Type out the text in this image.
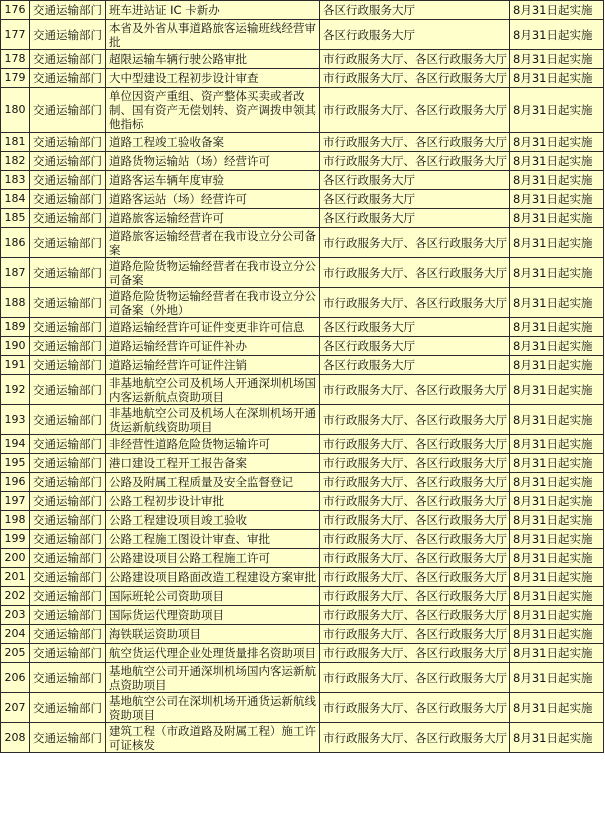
176	交通运输部门	班车进站证 IC 卡新办	各区行政服务大厅	8月31日起实施
177	交通运输部门	本省及外省从事道路旅客运输班线经营审批	各区行政服务大厅	8月31日起实施
178	交通运输部门	超限运输车辆行驶公路审批	市行政服务大厅、各区行政服务大厅	8月31日起实施
179	交通运输部门	大中型建设工程初步设计审查	市行政服务大厅、各区行政服务大厅	8月31日起实施
180	交通运输部门	单位因资产重组、资产整体买卖或者改制、国有资产无偿划转、资产调拨申领其他指标	市行政服务大厅、各区行政服务大厅	8月31日起实施
181	交通运输部门	道路工程竣工验收备案	市行政服务大厅、各区行政服务大厅	8月31日起实施
182	交通运输部门	道路货物运输站（场）经营许可	市行政服务大厅、各区行政服务大厅	8月31日起实施
183	交通运输部门	道路客运车辆年度审验	各区行政服务大厅	8月31日起实施
184	交通运输部门	道路客运站（场）经营许可	各区行政服务大厅	8月31日起实施
185	交通运输部门	道路旅客运输经营许可	各区行政服务大厅	8月31日起实施
186	交通运输部门	道路旅客运输经营者在我市设立分公司备案	市行政服务大厅、各区行政服务大厅	8月31日起实施
187	交通运输部门	道路危险货物运输经营者在我市设立分公司备案	市行政服务大厅、各区行政服务大厅	8月31日起实施
188	交通运输部门	道路危险货物运输经营者在我市设立分公司备案（外地）	市行政服务大厅、各区行政服务大厅	8月31日起实施
189	交通运输部门	道路运输经营许可证件变更非许可信息	各区行政服务大厅	8月31日起实施
190	交通运输部门	道路运输经营许可证件补办	各区行政服务大厅	8月31日起实施
191	交通运输部门	道路运输经营许可证件注销	各区行政服务大厅	8月31日起实施
192	交通运输部门	非基地航空公司及机场人开通深圳机场国内客运新航点资助项目	市行政服务大厅、各区行政服务大厅	8月31日起实施
193	交通运输部门	非基地航空公司及机场人在深圳机场开通货运新航线资助项目	市行政服务大厅、各区行政服务大厅	8月31日起实施
194	交通运输部门	非经营性道路危险货物运输许可	市行政服务大厅、各区行政服务大厅	8月31日起实施
195	交通运输部门	港口建设工程开工报告备案	市行政服务大厅、各区行政服务大厅	8月31日起实施
196	交通运输部门	公路及附属工程质量及安全监督登记	市行政服务大厅、各区行政服务大厅	8月31日起实施
197	交通运输部门	公路工程初步设计审批	市行政服务大厅、各区行政服务大厅	8月31日起实施
198	交通运输部门	公路工程建设项目竣工验收	市行政服务大厅、各区行政服务大厅	8月31日起实施
199	交通运输部门	公路工程施工图设计审查、审批	市行政服务大厅、各区行政服务大厅	8月31日起实施
200	交通运输部门	公路建设项目公路工程施工许可	市行政服务大厅、各区行政服务大厅	8月31日起实施
201	交通运输部门	公路建设项目路面改造工程建设方案审批	市行政服务大厅、各区行政服务大厅	8月31日起实施
202	交通运输部门	国际班轮公司资助项目	市行政服务大厅、各区行政服务大厅	8月31日起实施
203	交通运输部门	国际货运代理资助项目	市行政服务大厅、各区行政服务大厅	8月31日起实施
204	交通运输部门	海铁联运资助项目	市行政服务大厅、各区行政服务大厅	8月31日起实施
205	交通运输部门	航空货运代理企业处理货量排名资助项目	市行政服务大厅、各区行政服务大厅	8月31日起实施
206	交通运输部门	基地航空公司开通深圳机场国内客运新航点资助项目	市行政服务大厅、各区行政服务大厅	8月31日起实施
207	交通运输部门	基地航空公司在深圳机场开通货运新航线资助项目	市行政服务大厅、各区行政服务大厅	8月31日起实施
208	交通运输部门	建筑工程（市政道路及附属工程）施工许可证核发	市行政服务大厅、各区行政服务大厅	8月31日起实施
